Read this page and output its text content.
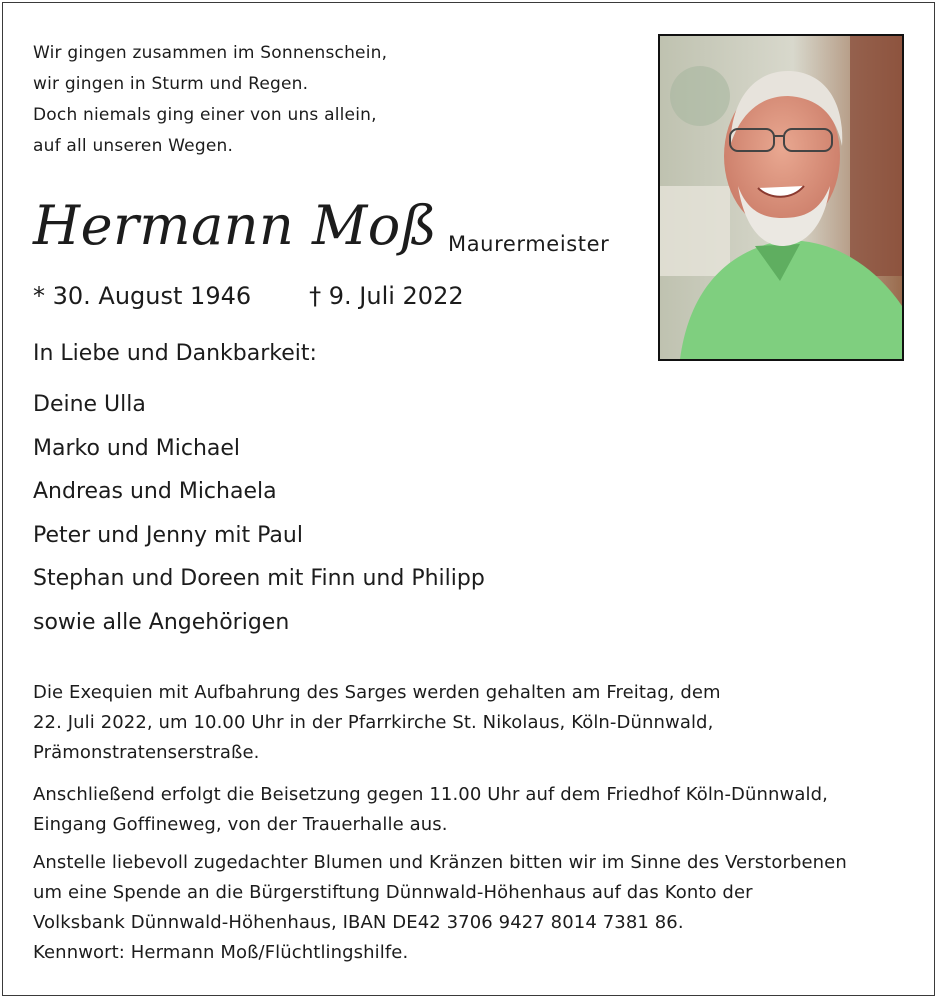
Wir gingen zusammen im Sonnenschein,
wir gingen in Sturm und Regen.
Doch niemals ging einer von uns allein,
auf all unseren Wegen.
Hermann Moß Maurermeister
* 30. August 1946 † 9. Juli 2022
In Liebe und Dankbarkeit:
Deine Ulla
Marko und Michael
Andreas und Michaela
Peter und Jenny mit Paul
Stephan und Doreen mit Finn und Philipp
sowie alle Angehörigen
Die Exequien mit Aufbahrung des Sarges werden gehalten am Freitag, dem
22. Juli 2022, um 10.00 Uhr in der Pfarrkirche St. Nikolaus, Köln-Dünnwald,
Prämonstratenserstraße.
Anschließend erfolgt die Beisetzung gegen 11.00 Uhr auf dem Friedhof Köln-Dünnwald,
Eingang Goffineweg, von der Trauerhalle aus.
Anstelle liebevoll zugedachter Blumen und Kränzen bitten wir im Sinne des Verstorbenen
um eine Spende an die Bürgerstiftung Dünnwald-Höhenhaus auf das Konto der
Volksbank Dünnwald-Höhenhaus, IBAN DE42 3706 9427 8014 7381 86.
Kennwort: Hermann Moß/Flüchtlingshilfe.
